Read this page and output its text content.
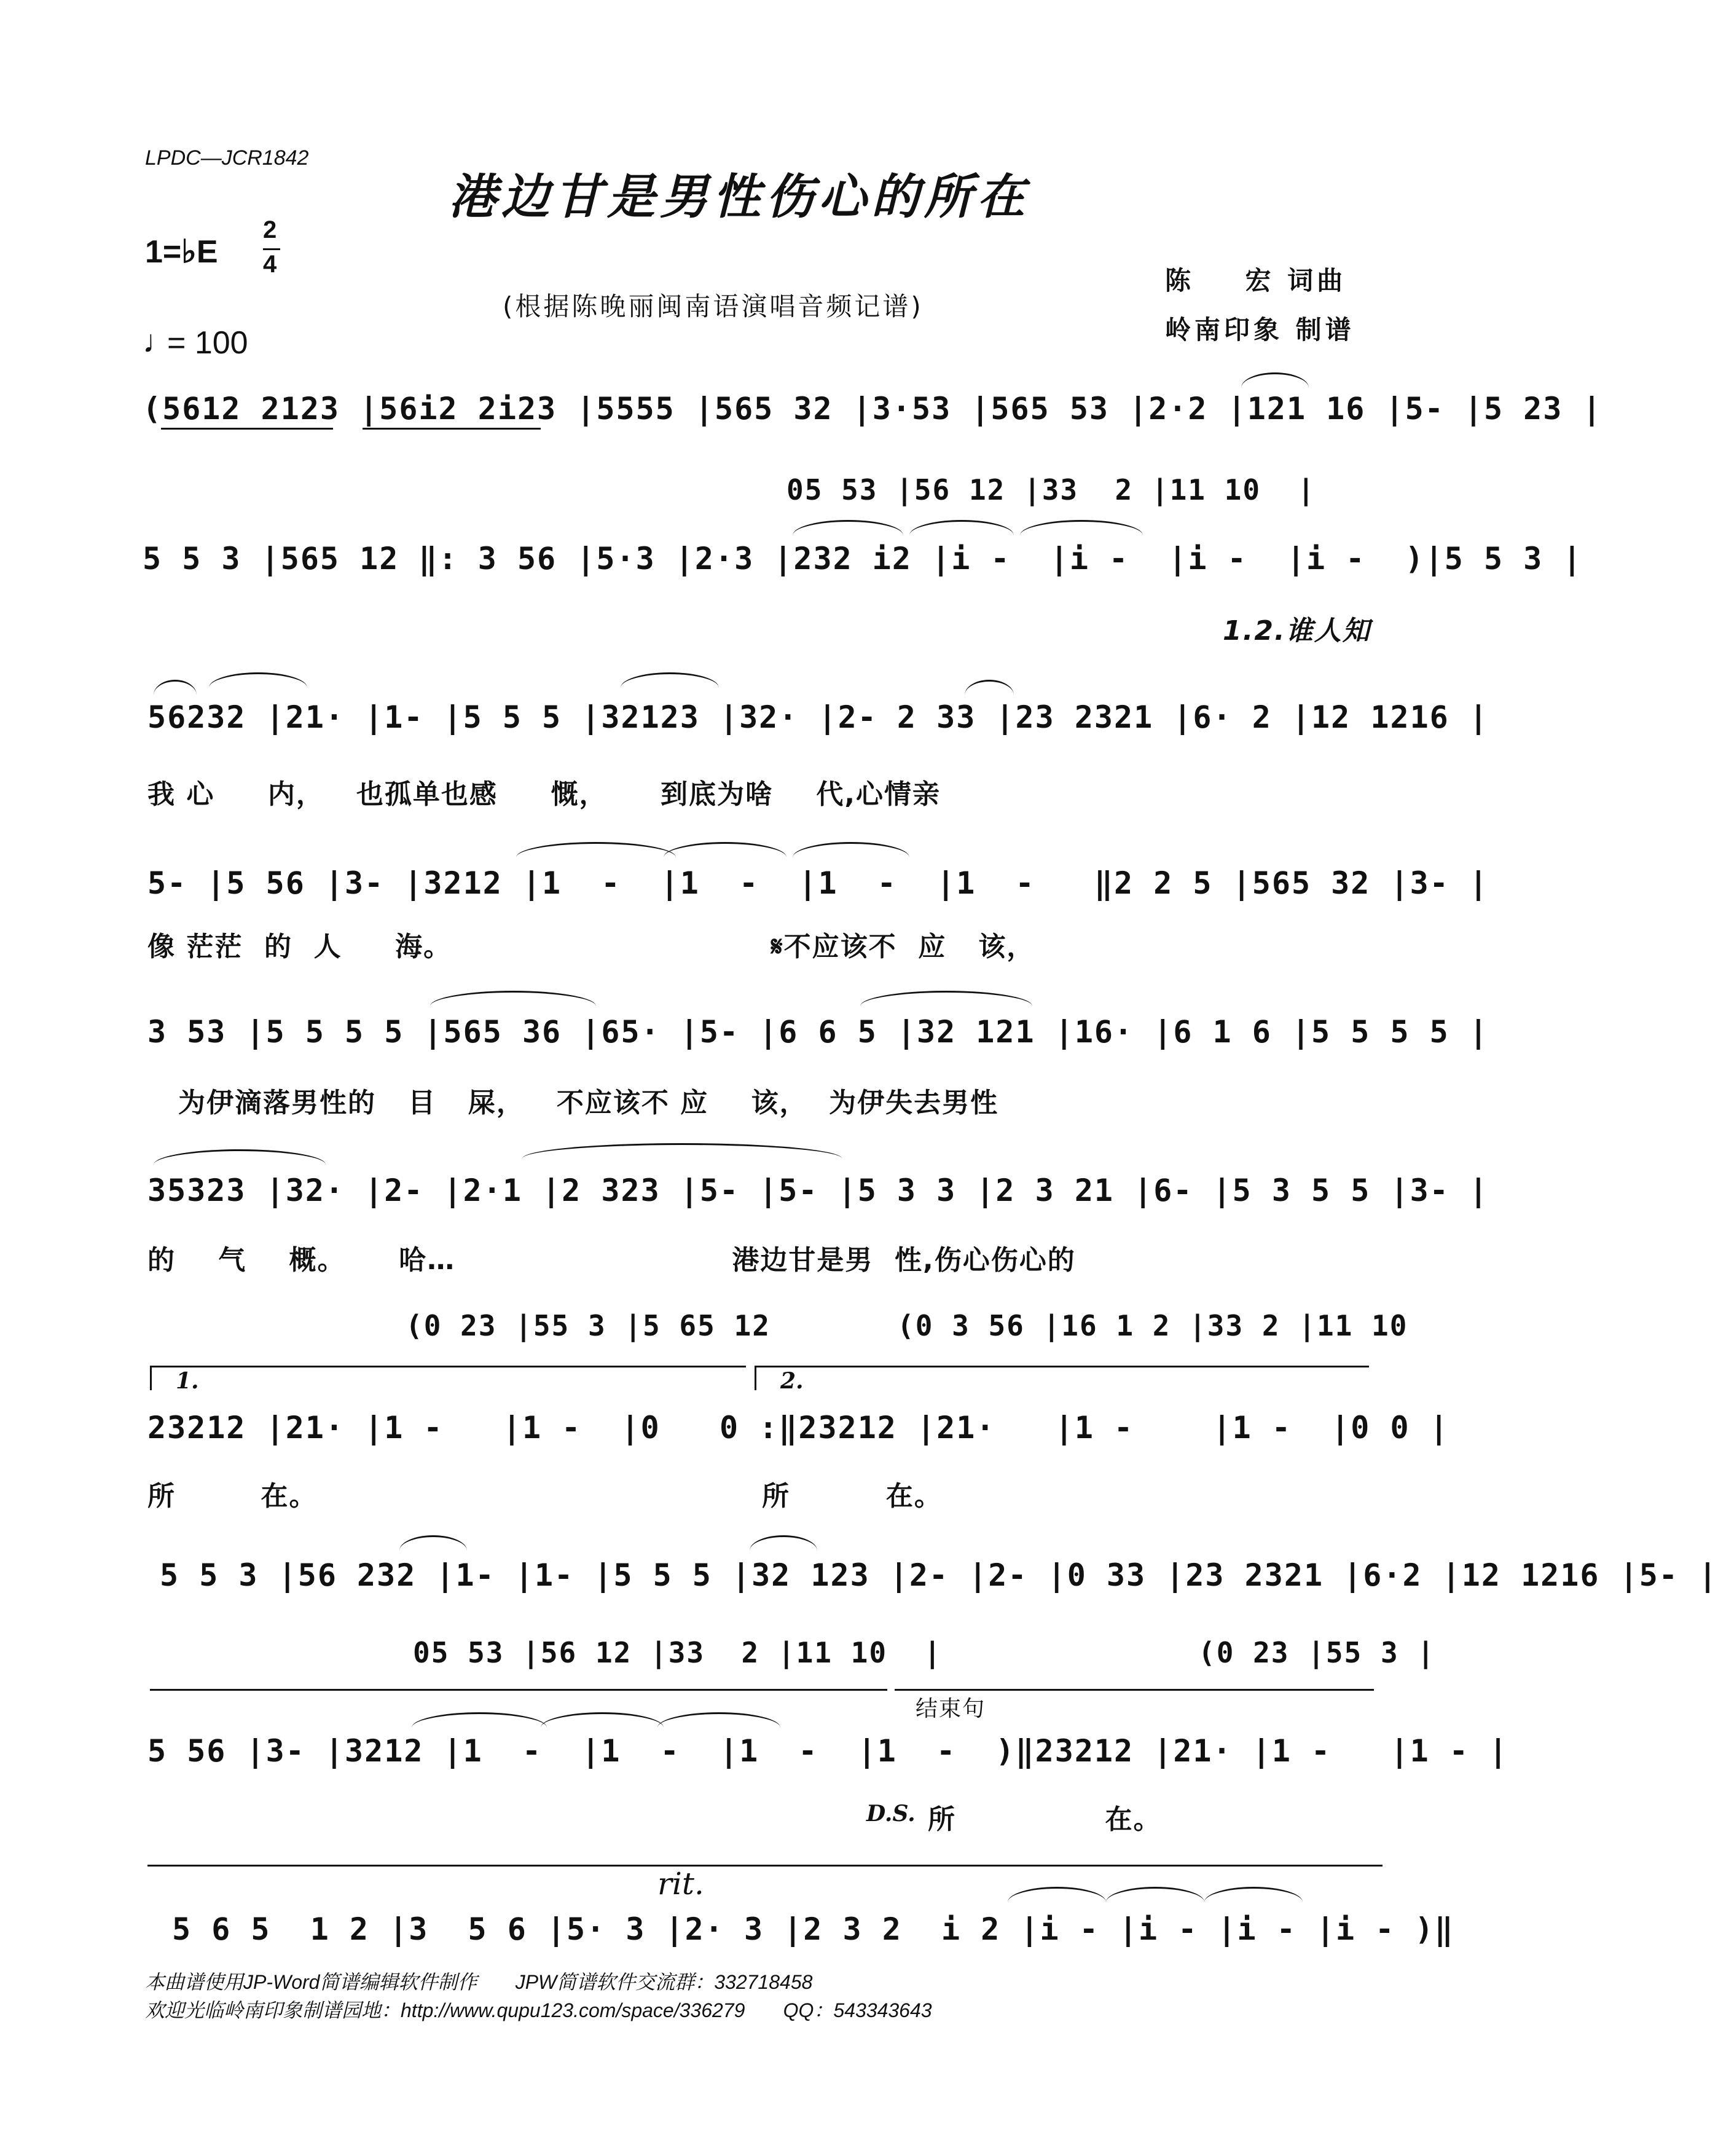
LPDC—JCR1842
港边甘是男性伤心的所在
1=♭E
2
4
♩
= 100
(根据陈晚丽闽南语演唱音频记谱)
陈    宏 词曲
岭南印象 制谱
(5612 2123 |56i2 2i23 |5555 |565 32 |3·53 |565 53 |2·2 |121 16 |5- |5 23 |
05 53 |56 12 |33  2 |11 10  |
5 5 3 |565 12 ‖: 3 56 |5·3 |2·3 |232 i2 |i -  |i -  |i -  |i -  )|5 5 3 |
1.2.谁人知
56232 |21· |1- |5 5 5 |32123 |32· |2- 2 33 |23 2321 |6· 2 |12 1216 |
我 心     内，   也孤单也感     慨，     到底为啥    代,心情亲
5- |5 56 |3- |3212 |1  -  |1  -  |1  -  |1  -   ‖2 2 5 |565 32 |3- |
像 茫茫  的  人     海。                              𝄋不应该不  应   该，
3 53 |5 5 5 5 |565 36 |65· |5- |6 6 5 |32 121 |16· |6 1 6 |5 5 5 5 |
为伊滴落男性的   目   屎，   不应该不 应    该，  为伊失去男性
35323 |32· |2- |2·1 |2 323 |5- |5- |5 3 3 |2 3 21 |6- |5 3 5 5 |3- |
的    气    概。     哈…                          港边甘是男  性,伤心伤心的
(0 23 |55 3 |5 65 12	(0 3 56 |16 1 2 |33 2 |11 10
1.	2.
23212 |21· |1 -   |1 -  |0   0 :‖23212 |21·   |1 -    |1 -  |0 0 |
所        在。	所         在。
5 5 3 |56 232 |1- |1- |5 5 5 |32 123 |2- |2- |0 33 |23 2321 |6·2 |12 1216 |5- |
05 53 |56 12 |33  2 |11 10  |	(0 23 |55 3 |
结束句
5 56 |3- |3212 |1  -  |1  -  |1  -  |1  -  )‖23212 |21· |1 -   |1 - |
D.S. 所              在。
rit.
5 6 5  1 2 |3  5 6 |5· 3 |2· 3 |2 3 2  i 2 |i - |i - |i - |i - )‖
本曲谱使用JP-Word简谱编辑软件制作       JPW简谱软件交流群：332718458
欢迎光临岭南印象制谱园地：http://www.qupu123.com/space/336279       QQ：543343643
